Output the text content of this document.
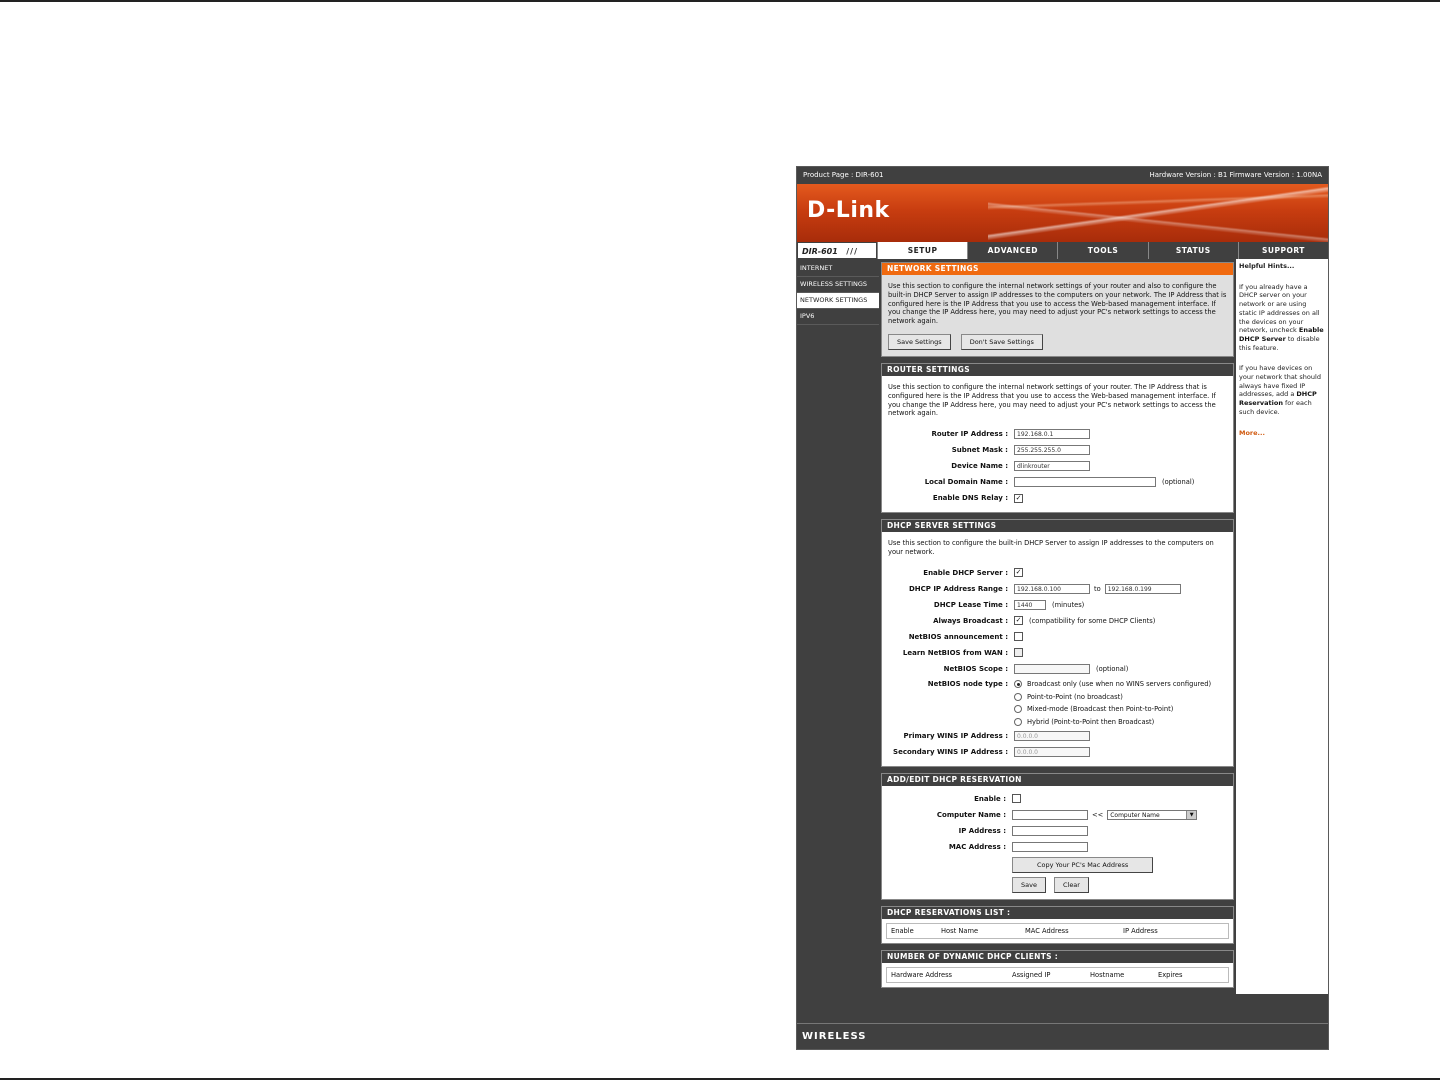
Product Page : DIR-601	Hardware Version : B1 Firmware Version : 1.00NA
D-Link
DIR-601 ///	SETUP	ADVANCED	TOOLS	STATUS	SUPPORT
INTERNET
WIRELESS SETTINGS
NETWORK SETTINGS
IPV6
NETWORK SETTINGS
Use this section to configure the internal network settings of your router and also to configure the built-in DHCP Server to assign IP addresses to the computers on your network. The IP Address that is configured here is the IP Address that you use to access the Web-based management interface. If you change the IP Address here, you may need to adjust your PC's network settings to access the network again.
Save Settings	Don't Save Settings
ROUTER SETTINGS
Use this section to configure the internal network settings of your router. The IP Address that is configured here is the IP Address that you use to access the Web-based management interface. If you change the IP Address here, you may need to adjust your PC's network settings to access the network again.
Router IP Address :	192.168.0.1
Subnet Mask :	255.255.255.0
Device Name :	dlinkrouter
Local Domain Name :	(optional)
Enable DNS Relay :	✓
DHCP SERVER SETTINGS
Use this section to configure the built-in DHCP Server to assign IP addresses to the computers on your network.
Enable DHCP Server :	✓
DHCP IP Address Range :	192.168.0.100	to	192.168.0.199
DHCP Lease Time :	1440	(minutes)
Always Broadcast :	✓ (compatibility for some DHCP Clients)
NetBIOS announcement :
Learn NetBIOS from WAN :
NetBIOS Scope :	(optional)
NetBIOS node type :	Broadcast only (use when no WINS servers configured)
Point-to-Point (no broadcast)
Mixed-mode (Broadcast then Point-to-Point)
Hybrid (Point-to-Point then Broadcast)
Primary WINS IP Address :	0.0.0.0
Secondary WINS IP Address :	0.0.0.0
ADD/EDIT DHCP RESERVATION
Enable :
Computer Name :	<<	Computer Name	▼
IP Address :
MAC Address :
Copy Your PC's Mac Address
Save	Clear
DHCP RESERVATIONS LIST :
Enable	Host Name	MAC Address	IP Address
NUMBER OF DYNAMIC DHCP CLIENTS :
Hardware Address	Assigned IP	Hostname	Expires
Helpful Hints...

If you already have a DHCP server on your network or are using static IP addresses on all the devices on your network, uncheck Enable DHCP Server to disable this feature.

If you have devices on your network that should always have fixed IP addresses, add a DHCP Reservation for each such device.

More...
WIRELESS
